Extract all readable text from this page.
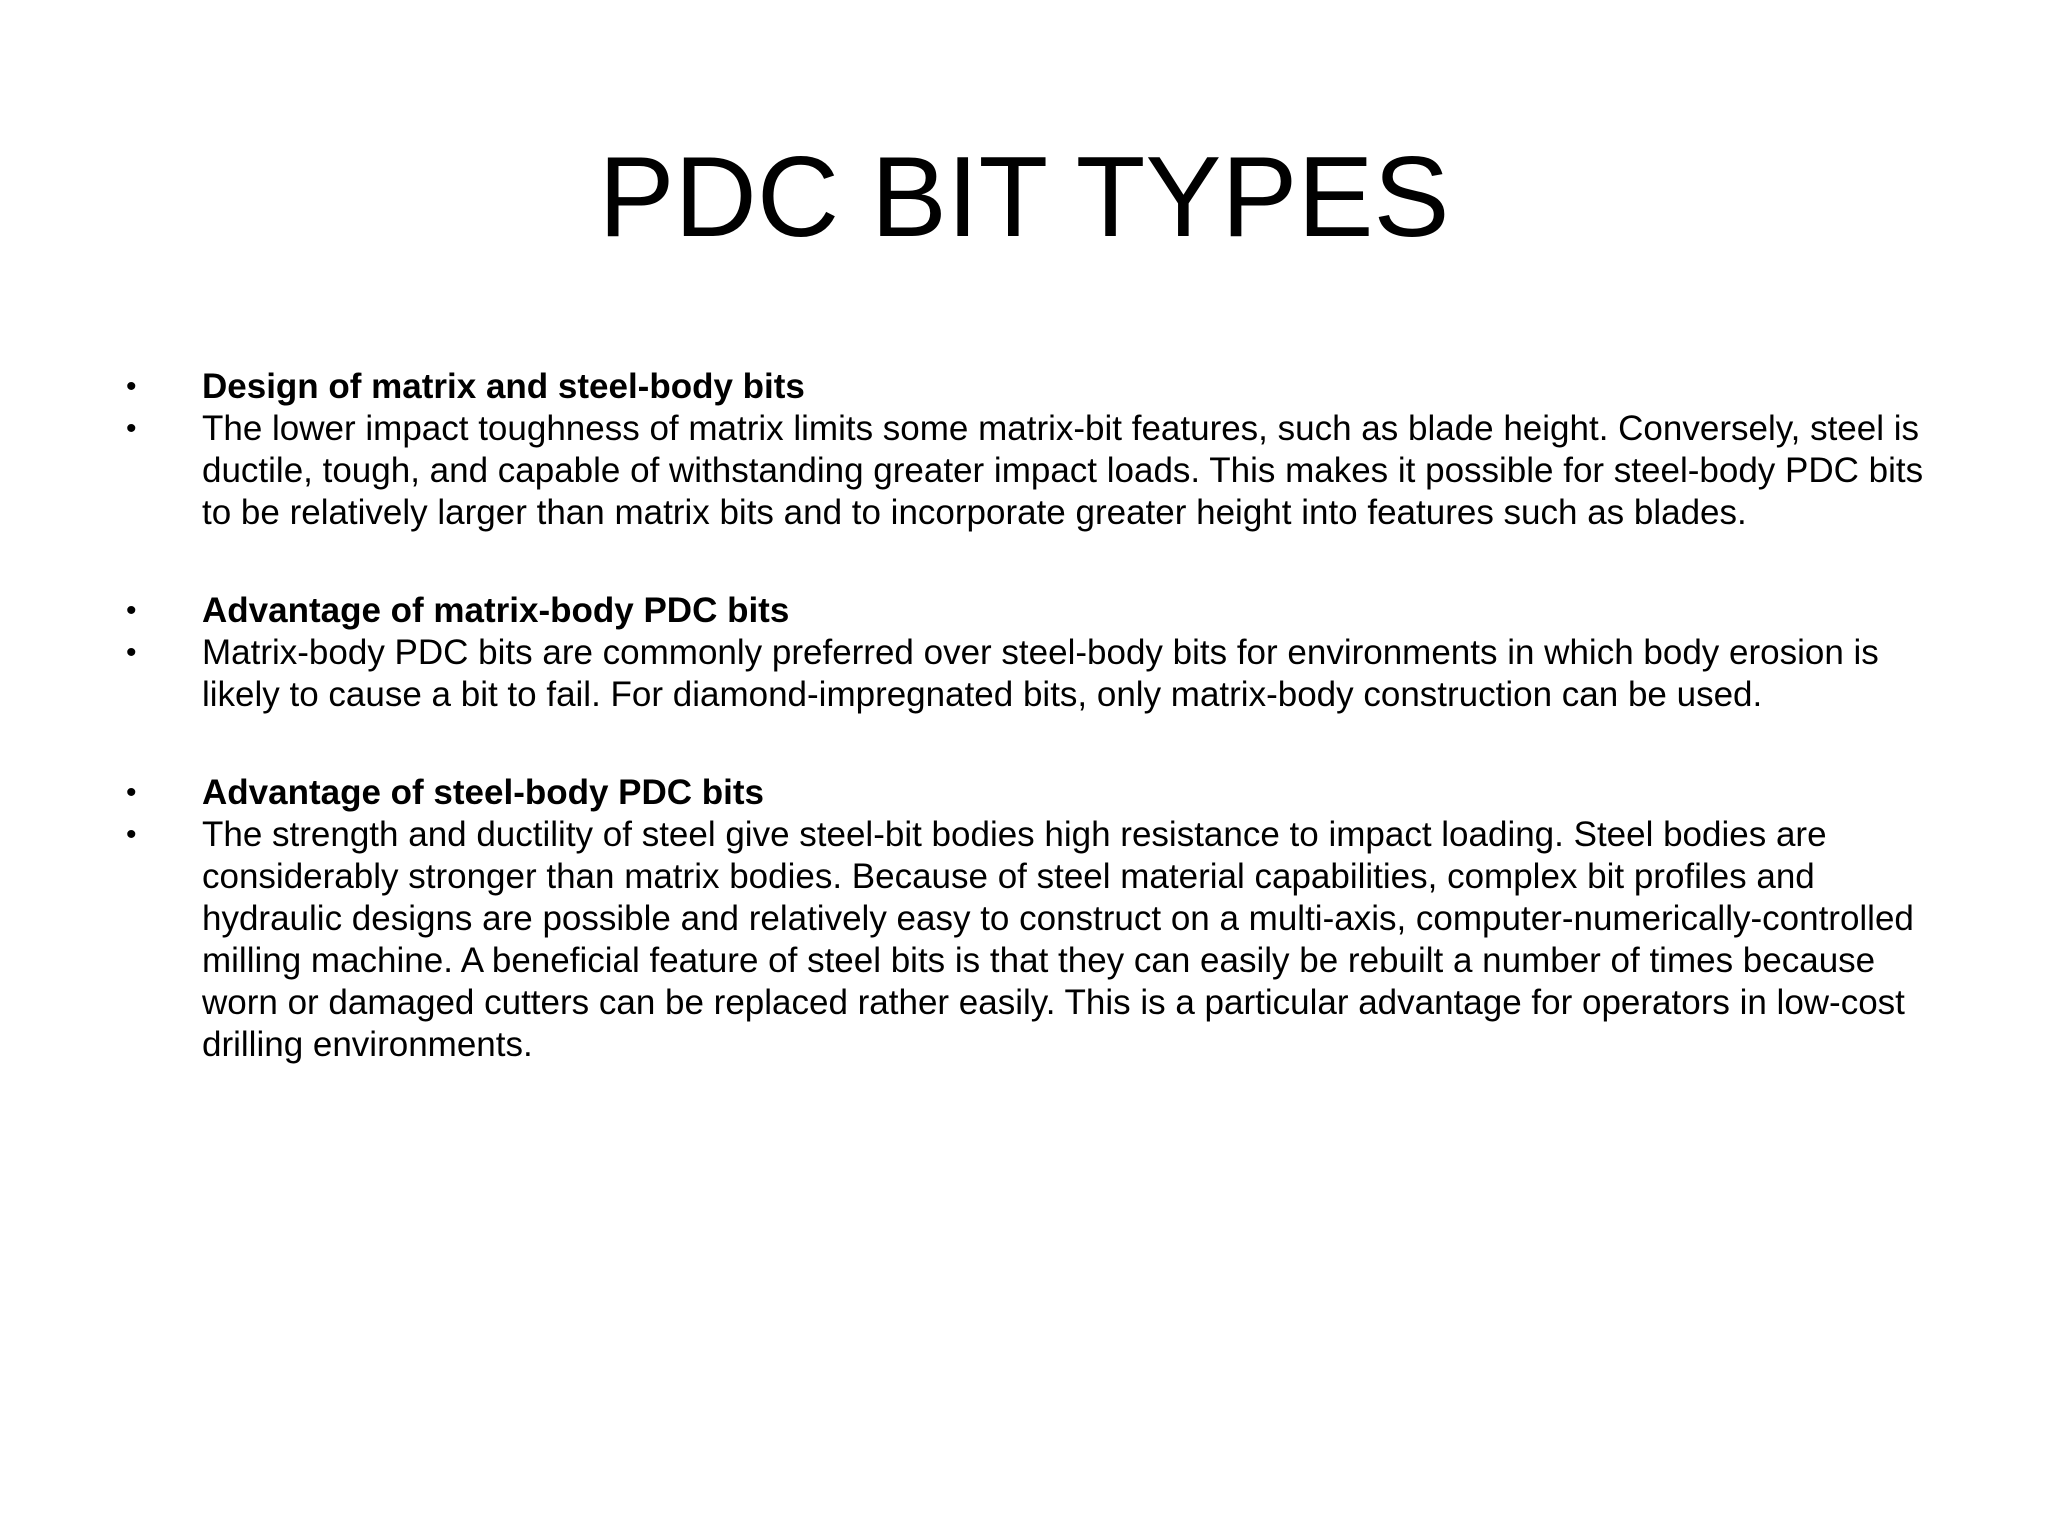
PDC BIT TYPES
•	Design of matrix and steel-body bits
•	The lower impact toughness of matrix limits some matrix-bit features, such as blade height. Conversely, steel is ductile, tough, and capable of withstanding greater impact loads. This makes it possible for steel-body PDC bits to be relatively larger than matrix bits and to incorporate greater height into features such as blades.
•	Advantage of matrix-body PDC bits
•	Matrix-body PDC bits are commonly preferred over steel-body bits for environments in which body erosion is likely to cause a bit to fail. For diamond-impregnated bits, only matrix-body construction can be used.
•	Advantage of steel-body PDC bits
•	The strength and ductility of steel give steel-bit bodies high resistance to impact loading. Steel bodies are considerably stronger than matrix bodies. Because of steel material capabilities, complex bit profiles and hydraulic designs are possible and relatively easy to construct on a multi-axis, computer-numerically-controlled milling machine. A beneficial feature of steel bits is that they can easily be rebuilt a number of times because worn or damaged cutters can be replaced rather easily. This is a particular advantage for operators in low-cost drilling environments.
